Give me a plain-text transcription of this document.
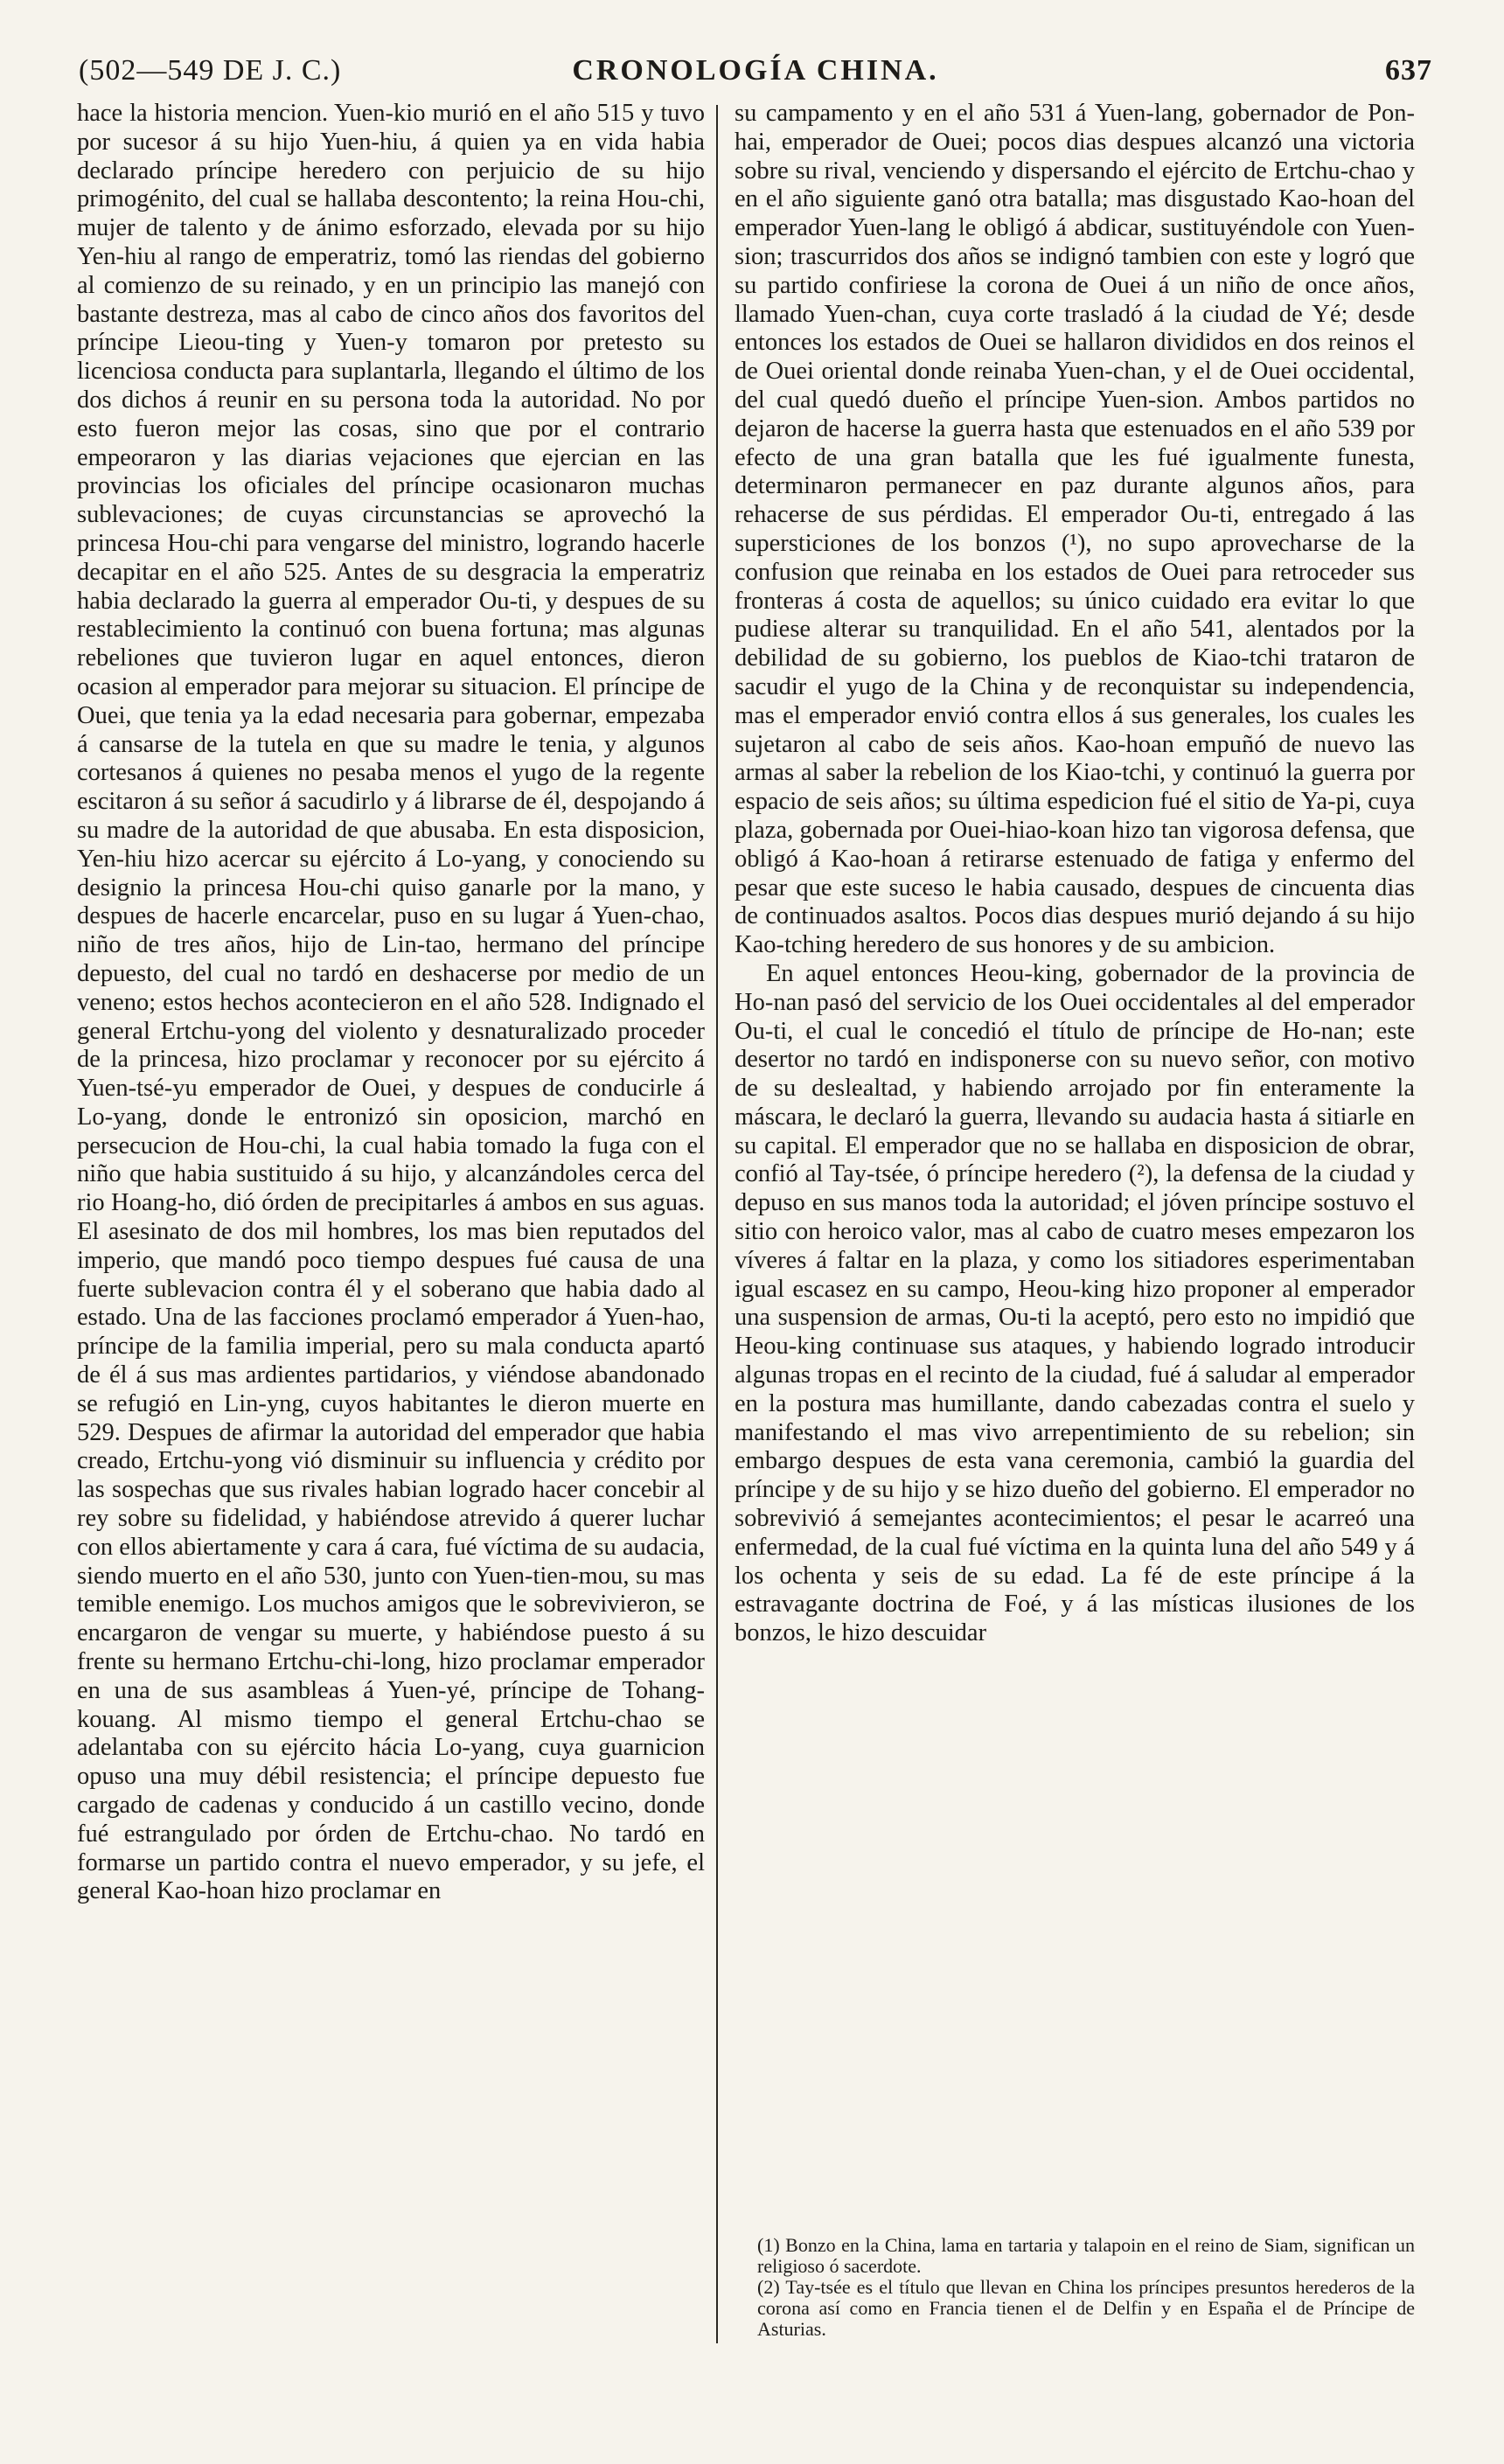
(502—549 DE J. C.)	CRONOLOGÍA CHINA.	637

hace la historia mencion. Yuen-kio murió en el año 515 y tuvo por sucesor á su hijo Yuen-hiu, á quien ya en vida habia declarado príncipe heredero con perjuicio de su hijo primogénito, del cual se hallaba descontento; la reina Hou-chi, mujer de talento y de ánimo esforzado, elevada por su hijo Yen-hiu al rango de emperatriz, tomó las riendas del gobierno al comienzo de su reinado, y en un principio las manejó con bastante destreza, mas al cabo de cinco años dos favoritos del príncipe Lieou-ting y Yuen-y tomaron por pretesto su licenciosa conducta para suplantarla, llegando el último de los dos dichos á reunir en su persona toda la autoridad. No por esto fueron mejor las cosas, sino que por el contrario empeoraron y las diarias vejaciones que ejercian en las provincias los oficiales del príncipe ocasionaron muchas sublevaciones; de cuyas circunstancias se aprovechó la princesa Hou-chi para vengarse del ministro, logrando hacerle decapitar en el año 525. Antes de su desgracia la emperatriz habia declarado la guerra al emperador Ou-ti, y despues de su restablecimiento la continuó con buena fortuna; mas algunas rebeliones que tuvieron lugar en aquel entonces, dieron ocasion al emperador para mejorar su situacion. El príncipe de Ouei, que tenia ya la edad necesaria para gobernar, empezaba á cansarse de la tutela en que su madre le tenia, y algunos cortesanos á quienes no pesaba menos el yugo de la regente escitaron á su señor á sacudirlo y á librarse de él, despojando á su madre de la autoridad de que abusaba. En esta disposicion, Yen-hiu hizo acercar su ejército á Lo-yang, y conociendo su designio la princesa Hou-chi quiso ganarle por la mano, y despues de hacerle encarcelar, puso en su lugar á Yuen-chao, niño de tres años, hijo de Lin-tao, hermano del príncipe depuesto, del cual no tardó en deshacerse por medio de un veneno; estos hechos acontecieron en el año 528. Indignado el general Ertchu-yong del violento y desnaturalizado proceder de la princesa, hizo proclamar y reconocer por su ejército á Yuen-tsé-yu emperador de Ouei, y despues de conducirle á Lo-yang, donde le entronizó sin oposicion, marchó en persecucion de Hou-chi, la cual habia tomado la fuga con el niño que habia sustituido á su hijo, y alcanzándoles cerca del rio Hoang-ho, dió órden de precipitarles á ambos en sus aguas. El asesinato de dos mil hombres, los mas bien reputados del imperio, que mandó poco tiempo despues fué causa de una fuerte sublevacion contra él y el soberano que habia dado al estado. Una de las facciones proclamó emperador á Yuen-hao, príncipe de la familia imperial, pero su mala conducta apartó de él á sus mas ardientes partidarios, y viéndose abandonado se refugió en Lin-yng, cuyos habitantes le dieron muerte en 529. Despues de afirmar la autoridad del emperador que habia creado, Ertchu-yong vió disminuir su influencia y crédito por las sospechas que sus rivales habian logrado hacer concebir al rey sobre su fidelidad, y habiéndose atrevido á querer luchar con ellos abiertamente y cara á cara, fué víctima de su audacia, siendo muerto en el año 530, junto con Yuen-tien-mou, su mas temible enemigo. Los muchos amigos que le sobrevivieron, se encargaron de vengar su muerte, y habiéndose puesto á su frente su hermano Ertchu-chi-long, hizo proclamar emperador en una de sus asambleas á Yuen-yé, príncipe de Tohang-kouang. Al mismo tiempo el general Ertchu-chao se adelantaba con su ejército hácia Lo-yang, cuya guarnicion opuso una muy débil resistencia; el príncipe depuesto fue cargado de cadenas y conducido á un castillo vecino, donde fué estrangulado por órden de Ertchu-chao. No tardó en formarse un partido contra el nuevo emperador, y su jefe, el general Kao-hoan hizo proclamar en

su campamento y en el año 531 á Yuen-lang, gobernador de Pon-hai, emperador de Ouei; pocos dias despues alcanzó una victoria sobre su rival, venciendo y dispersando el ejército de Ertchu-chao y en el año siguiente ganó otra batalla; mas disgustado Kao-hoan del emperador Yuen-lang le obligó á abdicar, sustituyéndole con Yuen-sion; trascurridos dos años se indignó tambien con este y logró que su partido confiriese la corona de Ouei á un niño de once años, llamado Yuen-chan, cuya corte trasladó á la ciudad de Yé; desde entonces los estados de Ouei se hallaron divididos en dos reinos el de Ouei oriental donde reinaba Yuen-chan, y el de Ouei occidental, del cual quedó dueño el príncipe Yuen-sion. Ambos partidos no dejaron de hacerse la guerra hasta que estenuados en el año 539 por efecto de una gran batalla que les fué igualmente funesta, determinaron permanecer en paz durante algunos años, para rehacerse de sus pérdidas. El emperador Ou-ti, entregado á las supersticiones de los bonzos (¹), no supo aprovecharse de la confusion que reinaba en los estados de Ouei para retroceder sus fronteras á costa de aquellos; su único cuidado era evitar lo que pudiese alterar su tranquilidad. En el año 541, alentados por la debilidad de su gobierno, los pueblos de Kiao-tchi trataron de sacudir el yugo de la China y de reconquistar su independencia, mas el emperador envió contra ellos á sus generales, los cuales les sujetaron al cabo de seis años. Kao-hoan empuñó de nuevo las armas al saber la rebelion de los Kiao-tchi, y continuó la guerra por espacio de seis años; su última espedicion fué el sitio de Ya-pi, cuya plaza, gobernada por Ouei-hiao-koan hizo tan vigorosa defensa, que obligó á Kao-hoan á retirarse estenuado de fatiga y enfermo del pesar que este suceso le habia causado, despues de cincuenta dias de continuados asaltos. Pocos dias despues murió dejando á su hijo Kao-tching heredero de sus honores y de su ambicion.

En aquel entonces Heou-king, gobernador de la provincia de Ho-nan pasó del servicio de los Ouei occidentales al del emperador Ou-ti, el cual le concedió el título de príncipe de Ho-nan; este desertor no tardó en indisponerse con su nuevo señor, con motivo de su deslealtad, y habiendo arrojado por fin enteramente la máscara, le declaró la guerra, llevando su audacia hasta á sitiarle en su capital. El emperador que no se hallaba en disposicion de obrar, confió al Tay-tsée, ó príncipe heredero (²), la defensa de la ciudad y depuso en sus manos toda la autoridad; el jóven príncipe sostuvo el sitio con heroico valor, mas al cabo de cuatro meses empezaron los víveres á faltar en la plaza, y como los sitiadores esperimentaban igual escasez en su campo, Heou-king hizo proponer al emperador una suspension de armas, Ou-ti la aceptó, pero esto no impidió que Heou-king continuase sus ataques, y habiendo logrado introducir algunas tropas en el recinto de la ciudad, fué á saludar al emperador en la postura mas humillante, dando cabezadas contra el suelo y manifestando el mas vivo arrepentimiento de su rebelion; sin embargo despues de esta vana ceremonia, cambió la guardia del príncipe y de su hijo y se hizo dueño del gobierno. El emperador no sobrevivió á semejantes acontecimientos; el pesar le acarreó una enfermedad, de la cual fué víctima en la quinta luna del año 549 y á los ochenta y seis de su edad. La fé de este príncipe á la estravagante doctrina de Foé, y á las místicas ilusiones de los bonzos, le hizo descuidar

(1) Bonzo en la China, lama en tartaria y talapoin en el reino de Siam, significan un religioso ó sacerdote.

(2) Tay-tsée es el título que llevan en China los príncipes presuntos herederos de la corona así como en Francia tienen el de Delfin y en España el de Príncipe de Asturias.
